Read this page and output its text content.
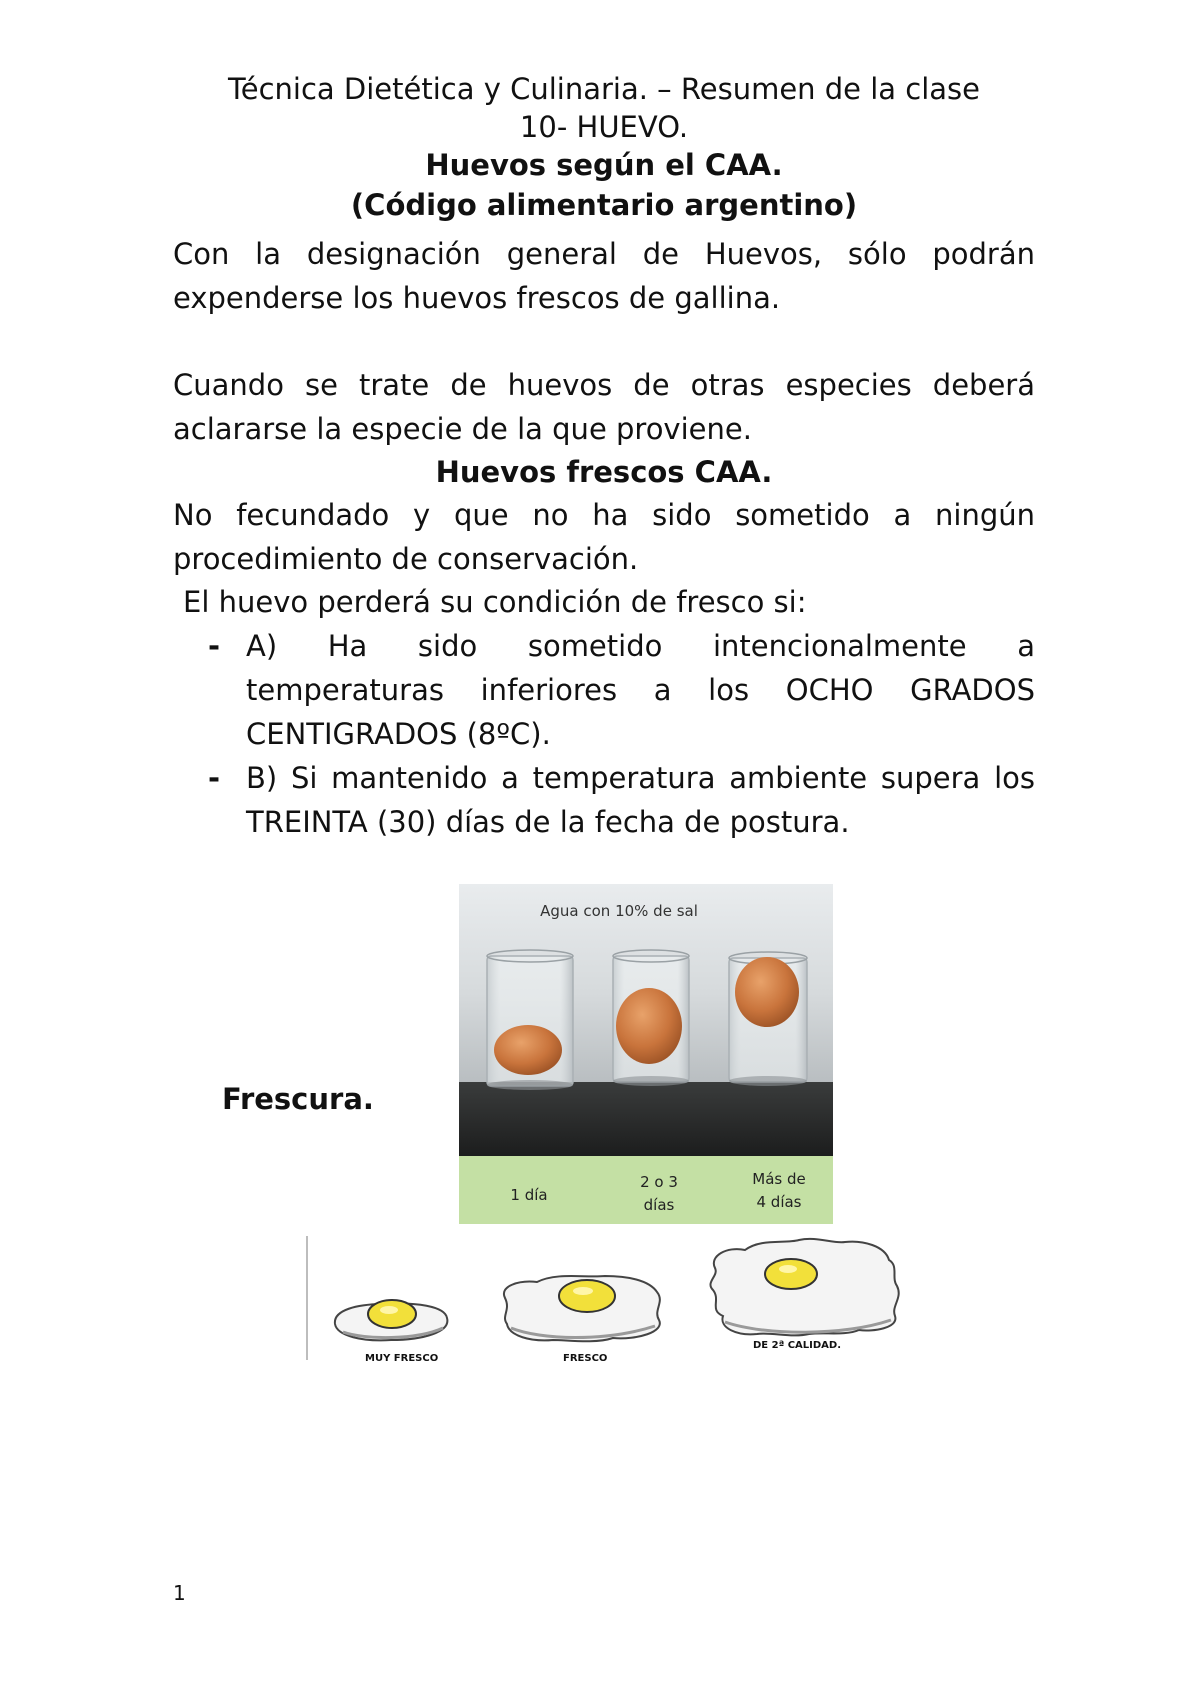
Técnica Dietética y Culinaria. – Resumen de la clase
10- HUEVO.
Huevos según el CAA.
(Código alimentario argentino)
Con la designación general de Huevos, sólo podrán expenderse los huevos frescos de gallina.
Cuando se trate de huevos de otras especies deberá aclararse la especie de la que proviene.
Huevos frescos CAA.
No fecundado y que no ha sido sometido a ningún procedimiento de conservación.
El huevo perderá su condición de fresco si:
- A) Ha sido sometido intencionalmente a temperaturas inferiores a los OCHO GRADOS CENTIGRADOS (8ºC).
- B) Si mantenido a temperatura ambiente supera los TREINTA (30) días de la fecha de postura.
Frescura.
Agua con 10% de sal
1 día
2 o 3
días
Más de
4 días
MUY FRESCO	FRESCO
DE 2ª CALIDAD.
1
